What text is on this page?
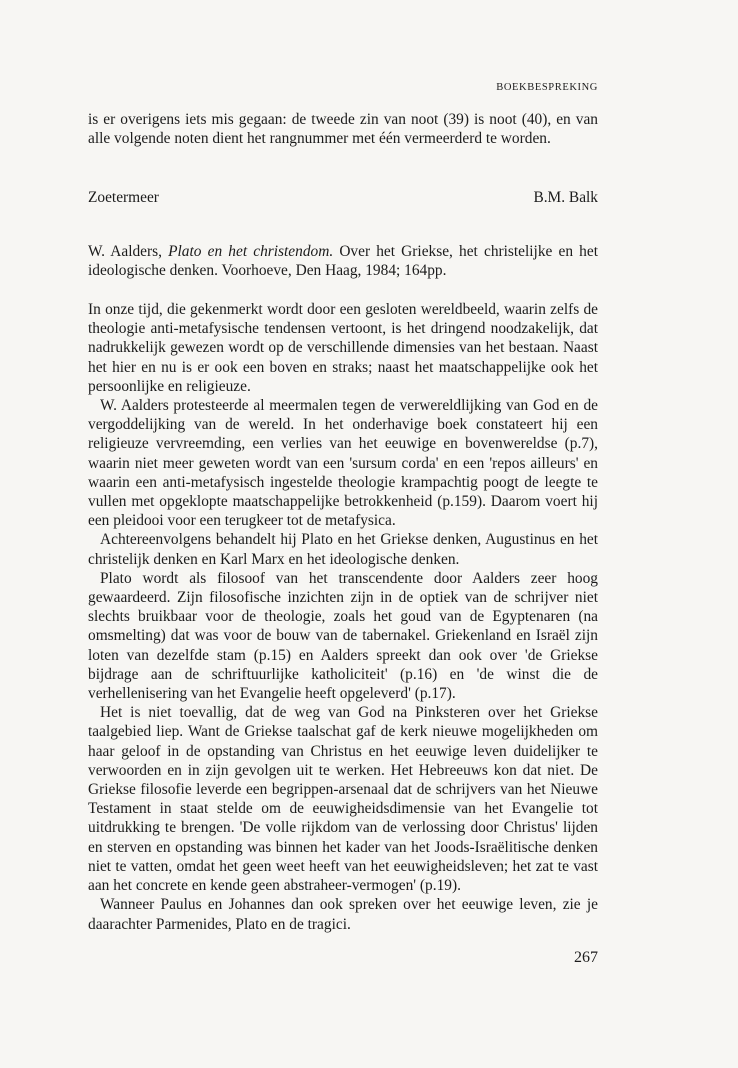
BOEKBESPREKING
is er overigens iets mis gegaan: de tweede zin van noot (39) is noot (40), en van alle volgende noten dient het rangnummer met één vermeerderd te worden.
Zoetermeer	B.M. Balk
W. Aalders, Plato en het christendom. Over het Griekse, het christelijke en het ideologische denken. Voorhoeve, Den Haag, 1984; 164pp.

In onze tijd, die gekenmerkt wordt door een gesloten wereldbeeld, waarin zelfs de theologie anti-metafysische tendensen vertoont, is het dringend noodzakelijk, dat nadrukkelijk gewezen wordt op de verschillende dimensies van het bestaan. Naast het hier en nu is er ook een boven en straks; naast het maatschappelijke ook het persoonlijke en religieuze.

W. Aalders protesteerde al meermalen tegen de verwereldlijking van God en de vergoddelijking van de wereld. In het onderhavige boek constateert hij een religieuze vervreemding, een verlies van het eeuwige en bovenwereldse (p.7), waarin niet meer geweten wordt van een 'sursum corda' en een 'repos ailleurs' en waarin een anti-metafysisch ingestelde theologie krampachtig poogt de leegte te vullen met opgeklopte maatschappelijke betrokkenheid (p.159). Daarom voert hij een pleidooi voor een terugkeer tot de metafysica.

Achtereenvolgens behandelt hij Plato en het Griekse denken, Augustinus en het christelijk denken en Karl Marx en het ideologische denken.

Plato wordt als filosoof van het transcendente door Aalders zeer hoog gewaardeerd. Zijn filosofische inzichten zijn in de optiek van de schrijver niet slechts bruikbaar voor de theologie, zoals het goud van de Egyptenaren (na omsmelting) dat was voor de bouw van de tabernakel. Griekenland en Israël zijn loten van dezelfde stam (p.15) en Aalders spreekt dan ook over 'de Griekse bijdrage aan de schriftuurlijke katholiciteit' (p.16) en 'de winst die de verhellenisering van het Evangelie heeft opgeleverd' (p.17).

Het is niet toevallig, dat de weg van God na Pinksteren over het Griekse taalgebied liep. Want de Griekse taalschat gaf de kerk nieuwe mogelijkheden om haar geloof in de opstanding van Christus en het eeuwige leven duidelijker te verwoorden en in zijn gevolgen uit te werken. Het Hebreeuws kon dat niet. De Griekse filosofie leverde een begrippen-arsenaal dat de schrijvers van het Nieuwe Testament in staat stelde om de eeuwigheidsdimensie van het Evangelie tot uitdrukking te brengen. 'De volle rijkdom van de verlossing door Christus' lijden en sterven en opstanding was binnen het kader van het Joods-Israëlitische denken niet te vatten, omdat het geen weet heeft van het eeuwigheidsleven; het zat te vast aan het concrete en kende geen abstraheer-vermogen' (p.19).

Wanneer Paulus en Johannes dan ook spreken over het eeuwige leven, zie je daarachter Parmenides, Plato en de tragici.

267
